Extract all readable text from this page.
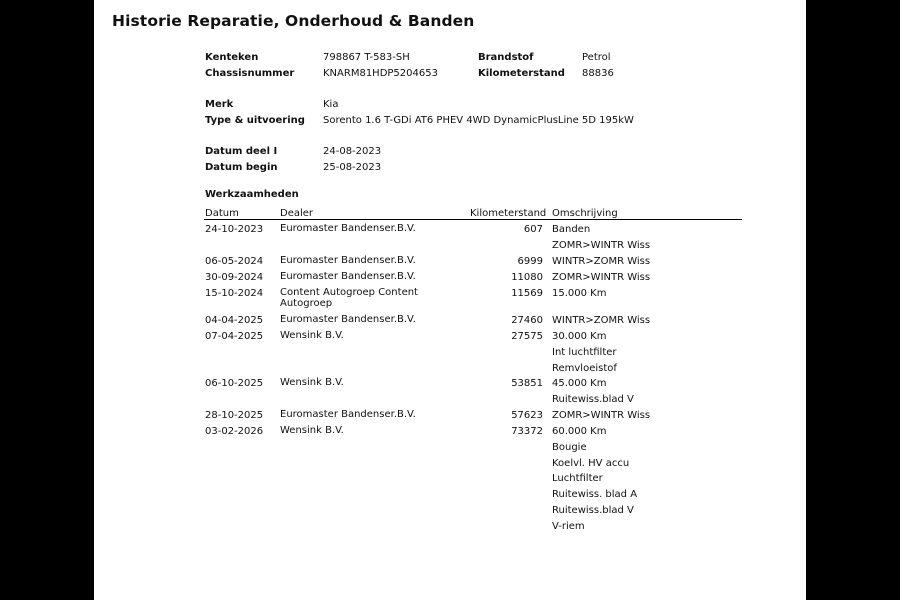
Historie Reparatie, Onderhoud & Banden
Kenteken	798867 T-583-SH
Chassisnummer	KNARM81HDP5204653
Brandstof	Petrol
Kilometerstand 88836
Merk	Kia
Type & uitvoering Sorento 1.6 T-GDi AT6 PHEV 4WD DynamicPlusLine 5D 195kW
Datum deel I	24-08-2023
Datum begin	25-08-2023
Werkzaamheden
Datum	Dealer	Kilometerstand Omschrijving
24-10-2023 Euromaster Bandenser.B.V.	607 Banden
ZOMR>WINTR Wiss
06-05-2024 Euromaster Bandenser.B.V.	6999 WINTR>ZOMR Wiss
30-09-2024 Euromaster Bandenser.B.V.	11080 ZOMR>WINTR Wiss
15-10-2024 Content Autogroep Content Autogroep
11569 15.000 Km
04-04-2025 Euromaster Bandenser.B.V.	27460 WINTR>ZOMR Wiss
07-04-2025 Wensink B.V.	27575 30.000 Km
Int luchtfilter
Remvloeistof
06-10-2025 Wensink B.V.	53851 45.000 Km
Ruitewiss.blad V
28-10-2025 Euromaster Bandenser.B.V.	57623 ZOMR>WINTR Wiss
03-02-2026 Wensink B.V.	73372 60.000 Km
Bougie
Koelvl. HV accu
Luchtfilter
Ruitewiss. blad A
Ruitewiss.blad V
V-riem
